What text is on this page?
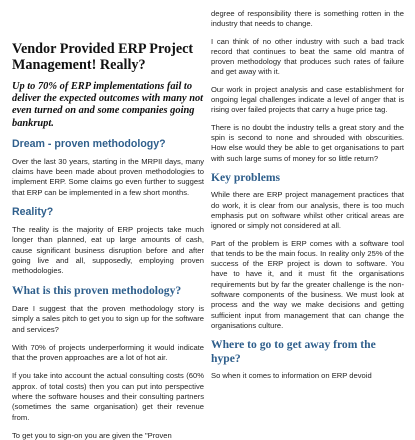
Vendor Provided ERP Project Management! Really?

Up to 70% of ERP implementations fail to deliver the expected outcomes with many not even turned on and some companies going bankrupt.

Dream - proven methodology?

Over the last 30 years, starting in the MRPII days, many claims have been made about proven methodologies to implement ERP. Some claims go even further to suggest that ERP can be implemented in a few short months.

Reality?

The reality is the majority of ERP projects take much longer than planned, eat up large amounts of cash, cause significant business disruption before and after going live and all, supposedly, employing proven methodologies.

What is this proven methodology?

Dare I suggest that the proven methodology story is simply a sales pitch to get you to sign up for the software and services?

With 70% of projects underperforming it would indicate that the proven approaches are a lot of hot air.

If you take into account the actual consulting costs (60% approx. of total costs) then you can put into perspective where the software houses and their consulting partners (sometimes the same organisation) get their revenue from.

To get you to sign-on you are given the "Proven

degree of responsibility there is something rotten in the industry that needs to change.

I can think of no other industry with such a bad track record that continues to beat the same old mantra of proven methodology that produces such rates of failure and get away with it.

Our work in project analysis and case establishment for ongoing legal challenges indicate a level of anger that is rising over failed projects that carry a huge price tag.

There is no doubt the industry tells a great story and the spin is second to none and shrouded with obscurities. How else would they be able to get organisations to part with such large sums of money for so little return?

Key problems

While there are ERP project management practices that do work, it is clear from our analysis, there is too much emphasis put on software whilst other critical areas are ignored or simply not considered at all.

Part of the problem is ERP comes with a software tool that tends to be the main focus. In reality only 25% of the success of the ERP project is down to software. You have to have it, and it must fit the organisations requirements but by far the greater challenge is the non-software components of the business. We must look at process and the way we make decisions and getting sufficient input from management that can change the organisations culture.

Where to go to get away from the hype?

So when it comes to information on ERP devoid
